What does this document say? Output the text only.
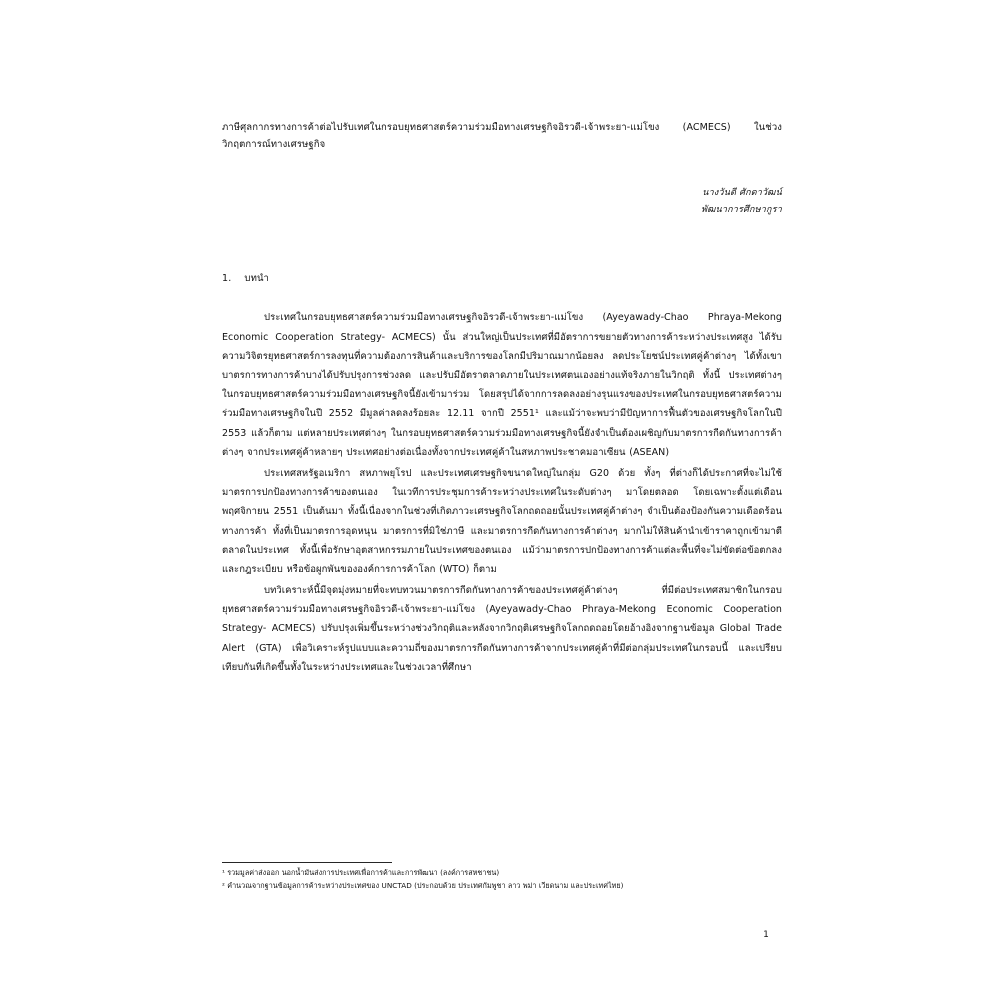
ภาษีศุลกากรทางการค้าต่อไปรับเทศในกรอบยุทธศาสตร์ความร่วมมือทางเศรษฐกิจอิรวดี-เจ้าพระยา-แม่โขง (ACMECS) ในช่วงวิกฤตการณ์ทางเศรษฐกิจ
นางวันดี ศักดาวัฒน์
พัฒนาการศึกษากูรา
1. บทนำ
ประเทศในกรอบยุทธศาสตร์ความร่วมมือทางเศรษฐกิจอิรวดี-เจ้าพระยา-แม่โขง (Ayeyawady-Chao Phraya-Mekong Economic Cooperation Strategy- ACMECS) นั้น ส่วนใหญ่เป็นประเทศที่มีอัตราการขยายตัวทางการค้าระหว่างประเทศสูง ได้รับความวิจิตรยุทธศาสตร์การลงทุนที่ความต้องการสินค้าและบริการของโลกมีปริมาณมากน้อยลง ลดประโยชน์ประเทศคู่ค้าต่างๆ ได้ทั้งเขาบาตรการทางการค้าบางได้ปรับปรุงการช่วงลด และปรับมีอัตราตลาดภายในประเทศตนเองอย่างแท้จริงภายในวิกฤติ ทั้งนี้ ประเทศต่างๆ ในกรอบยุทธศาสตร์ความร่วมมือทางเศรษฐกิจนี้ยังเข้ามาร่วม โดยสรุปได้จากการลดลงอย่างรุนแรงของประเทศในกรอบยุทธศาสตร์ความร่วมมือทางเศรษฐกิจในปี 2552 มีมูลค่าลดลงร้อยละ 12.11 จากปี 2551¹ และแม้ว่าจะพบว่ามีปัญหาการฟื้นตัวของเศรษฐกิจโลกในปี 2553 แล้วก็ตาม แต่หลายประเทศต่างๆ ในกรอบยุทธศาสตร์ความร่วมมือทางเศรษฐกิจนี้ยังจำเป็นต้องเผชิญกับมาตรการกีดกันทางการค้าต่างๆ จากประเทศคู่ค้าหลายๆ ประเทศอย่างต่อเนื่องทั้งจากประเทศคู่ค้าในสหภาพประชาคมอาเซียน (ASEAN)
ประเทศสหรัฐอเมริกา สหภาพยุโรป และประเทศเศรษฐกิจขนาดใหญ่ในกลุ่ม G20 ด้วย ทั้งๆ ที่ต่างก็ได้ประกาศที่จะไม่ใช้มาตรการปกป้องทางการค้าของตนเอง ในเวทีการประชุมการค้าระหว่างประเทศในระดับต่างๆ มาโดยตลอด โดยเฉพาะตั้งแต่เดือนพฤศจิกายน 2551 เป็นต้นมา ทั้งนี้เนื่องจากในช่วงที่เกิดภาวะเศรษฐกิจโลกถดถอยนั้นประเทศคู่ค้าต่างๆ จำเป็นต้องป้องกันความเดือดร้อนทางการค้า ทั้งที่เป็นมาตรการอุดหนุน มาตรการที่มิใช่ภาษี และมาตรการกีดกันทางการค้าต่างๆ มากไม่ให้สินค้านำเข้าราคาถูกเข้ามาตีตลาดในประเทศ ทั้งนี้เพื่อรักษาอุตสาหกรรมภายในประเทศของตนเอง แม้ว่ามาตรการปกป้องทางการค้าแต่ละพื้นที่จะไม่ขัดต่อข้อตกลงและกฎระเบียบ หรือข้อผูกพันขององค์การการค้าโลก (WTO) ก็ตาม
บทวิเคราะห์นี้มีจุดมุ่งหมายที่จะทบทวนมาตรการกีดกันทางการค้าของประเทศคู่ค้าต่างๆ ที่มีต่อประเทศสมาชิกในกรอบยุทธศาสตร์ความร่วมมือทางเศรษฐกิจอิรวดี-เจ้าพระยา-แม่โขง (Ayeyawady-Chao Phraya-Mekong Economic Cooperation Strategy- ACMECS) ปรับปรุงเพิ่มขึ้นระหว่างช่วงวิกฤติและหลังจากวิกฤติเศรษฐกิจโลกถดถอยโดยอ้างอิงจากฐานข้อมูล Global Trade Alert (GTA) เพื่อวิเคราะห์รูปแบบและความถี่ของมาตรการกีดกันทางการค้าจากประเทศคู่ค้าที่มีต่อกลุ่มประเทศในกรอบนี้ และเปรียบเทียบกันที่เกิดขึ้นทั้งในระหว่างประเทศและในช่วงเวลาที่ศึกษา
¹ รวมมูลค่าส่งออก นอกน้ำมันส่งการประเทศเพื่อการค้าและการพัฒนา (ลงค์การสหชาชน)
² คำนวณจากฐานข้อมูลการค้าระหว่างประเทศของ UNCTAD (ประกอบด้วย ประเทศกัมพูชา ลาว พม่า เวียดนาม และประเทศไทย)
1
